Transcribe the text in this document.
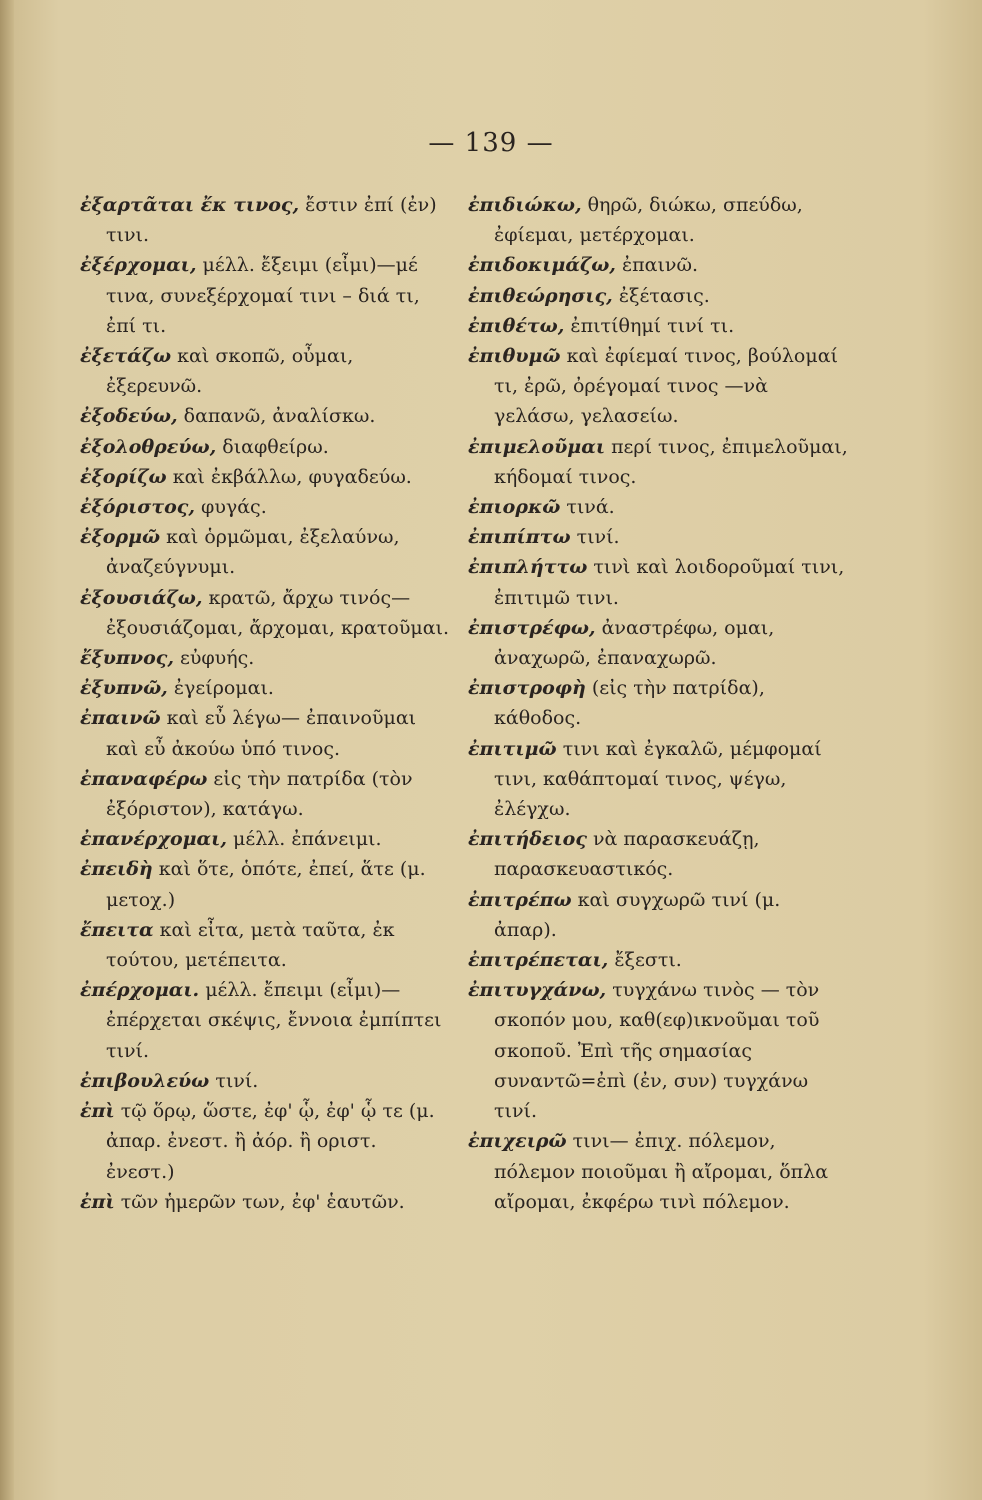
— 139 —
ἐξαρτᾶται ἔκ τινος, ἔστιν ἐπί (ἐν) τινι.
ἐξέρχομαι, μέλλ. ἔξειμι (εἶμι)—μέ τινα, συνεξέρχομαί τινι – διά τι, ἐπί τι.
ἐξετάζω καὶ σκοπῶ, οὖμαι, ἐξερευνῶ.
ἐξοδεύω, δαπανῶ, ἀναλίσκω.
ἐξολοθρεύω, διαφθείρω.
ἐξορίζω καὶ ἐκβάλλω, φυγαδεύω.
ἐξόριστος, φυγάς.
ἐξορμῶ καὶ ὁρμῶμαι, ἐξελαύνω, ἀναζεύγνυμι.
ἐξουσιάζω, κρατῶ, ἄρχω τινός— ἐξουσιάζομαι, ἄρχομαι, κρατοῦμαι.
ἔξυπνος, εὐφυής.
ἐξυπνῶ, ἐγείρομαι.
ἐπαινῶ καὶ εὖ λέγω— ἐπαινοῦμαι καὶ εὖ ἀκούω ὑπό τινος.
ἐπαναφέρω εἰς τὴν πατρίδα (τὸν ἐξόριστον), κατάγω.
ἐπανέρχομαι, μέλλ. ἐπάνειμι.
ἐπειδὴ καὶ ὅτε, ὁπότε, ἐπεί, ἅτε (μ. μετοχ.)
ἔπειτα καὶ εἶτα, μετὰ ταῦτα, ἐκ τούτου, μετέπειτα.
ἐπέρχομαι. μέλλ. ἔπειμι (εἶμι)— ἐπέρχεται σκέψις, ἔννοια ἐμπίπτει τινί.
ἐπιβουλεύω τινί.
ἐπὶ τῷ ὅρῳ, ὥστε, ἐφ' ᾧ, ἐφ' ᾧ τε (μ. ἀπαρ. ἐνεστ. ἢ ἀόρ. ἢ οριστ. ἐνεστ.)
ἐπὶ τῶν ἡμερῶν των, ἐφ' ἑαυτῶν.
ἐπιδιώκω, θηρῶ, διώκω, σπεύδω, ἐφίεμαι, μετέρχομαι.
ἐπιδοκιμάζω, ἐπαινῶ.
ἐπιθεώρησις, ἐξέτασις.
ἐπιθέτω, ἐπιτίθημί τινί τι.
ἐπιθυμῶ καὶ ἐφίεμαί τινος, βούλομαί τι, ἐρῶ, ὀρέγομαί τινος —νὰ γελάσω, γελασείω.
ἐπιμελοῦμαι περί τινος, ἐπιμελοῦμαι, κήδομαί τινος.
ἐπιορκῶ τινά.
ἐπιπίπτω τινί.
ἐπιπλήττω τινὶ καὶ λοιδοροῦμαί τινι, ἐπιτιμῶ τινι.
ἐπιστρέφω, ἀναστρέφω, ομαι, ἀναχωρῶ, ἐπαναχωρῶ.
ἐπιστροφὴ (εἰς τὴν πατρίδα), κάθοδος.
ἐπιτιμῶ τινι καὶ ἐγκαλῶ, μέμφομαί τινι, καθάπτομαί τινος, ψέγω, ἐλέγχω.
ἐπιτήδειος νὰ παρασκευάζῃ, παρασκευαστικός.
ἐπιτρέπω καὶ συγχωρῶ τινί (μ. ἀπαρ).
ἐπιτρέπεται, ἔξεστι.
ἐπιτυγχάνω, τυγχάνω τινὸς — τὸν σκοπόν μου, καθ(εφ)ικνοῦμαι τοῦ σκοποῦ. Ἐπὶ τῆς σημασίας συναντῶ=ἐπὶ (ἐν, συν) τυγχάνω τινί.
ἐπιχειρῶ τινι— ἐπιχ. πόλεμον, πόλεμον ποιοῦμαι ἢ αἴρομαι, ὅπλα αἴρομαι, ἐκφέρω τινὶ πόλεμον.
